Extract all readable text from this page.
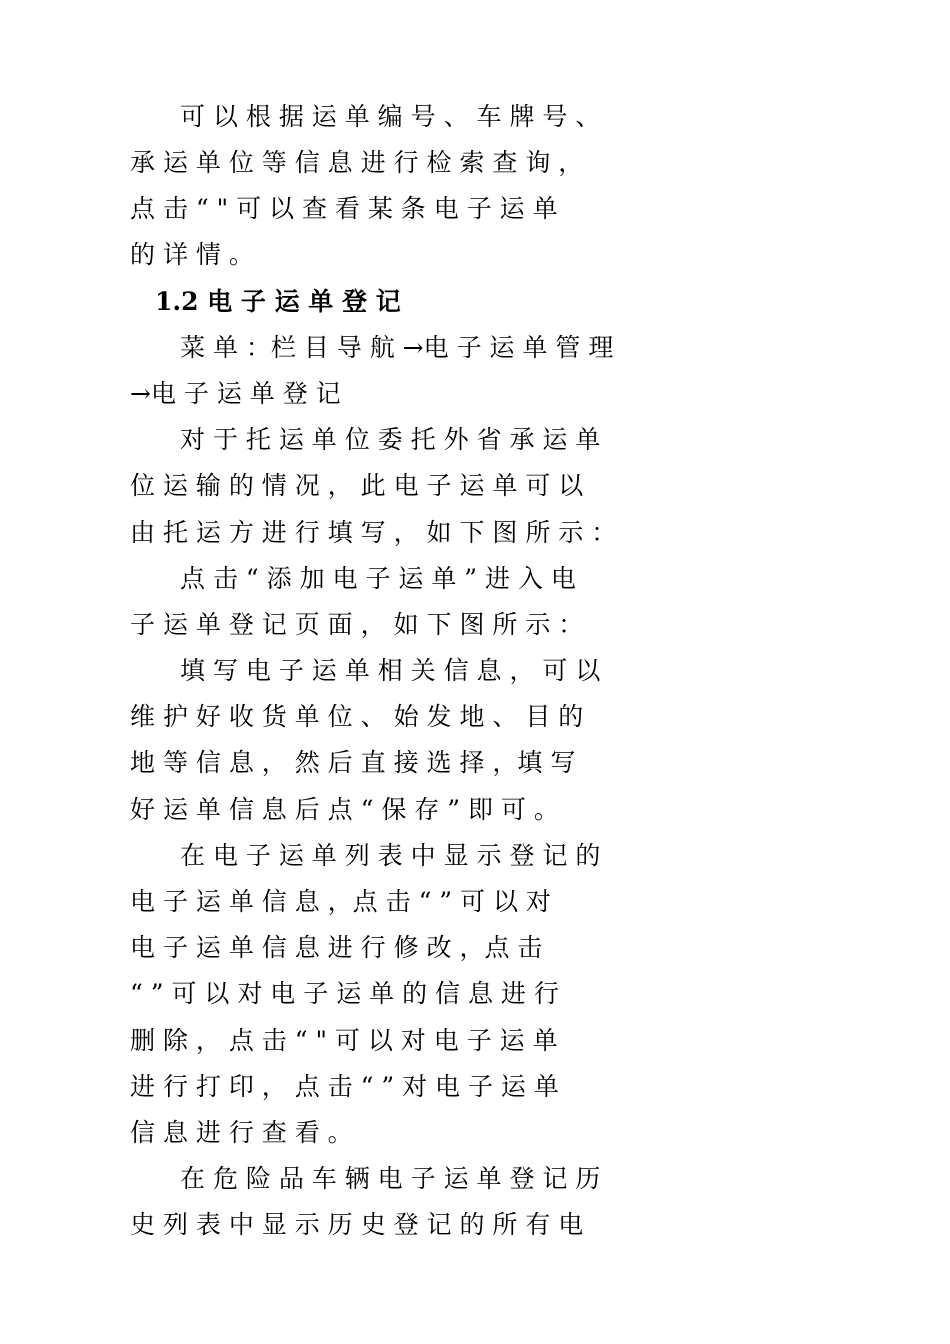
可 以 根 据 运 单 编 号 、 车 牌 号 、
承 运 单 位 等 信 息 进 行 检 索 查 询 ，
点 击 “ " 可 以 查 看 某 条 电 子 运 单
的 详 情 。
1.2 电 子 运 单 登 记
菜 单 ：栏 目 导 航 →电 子 运 单 管 理
→电 子 运 单 登 记
对 于 托 运 单 位 委 托 外 省 承 运 单
位 运 输 的 情 况 ， 此 电 子 运 单 可 以
由 托 运 方 进 行 填 写 ， 如 下 图 所 示 ：
点 击 “ 添 加 电 子 运 单 ” 进 入 电
子 运 单 登 记 页 面 ， 如 下 图 所 示 ：
填 写 电 子 运 单 相 关 信 息 ， 可 以
维 护 好 收 货 单 位 、 始 发 地 、 目 的
地 等 信 息 ， 然 后 直 接 选 择 ，填 写
好 运 单 信 息 后 点 “ 保 存 ” 即 可 。
在 电 子 运 单 列 表 中 显 示 登 记 的
电 子 运 单 信 息 ，点 击 “ ” 可 以 对
电 子 运 单 信 息 进 行 修 改 ，点 击
“ ” 可 以 对 电 子 运 单 的 信 息 进 行
删 除 ， 点 击 “ " 可 以 对 电 子 运 单
进 行 打 印 ， 点 击 “ ” 对 电 子 运 单
信 息 进 行 查 看 。
在 危 险 品 车 辆 电 子 运 单 登 记 历
史 列 表 中 显 示 历 史 登 记 的 所 有 电
